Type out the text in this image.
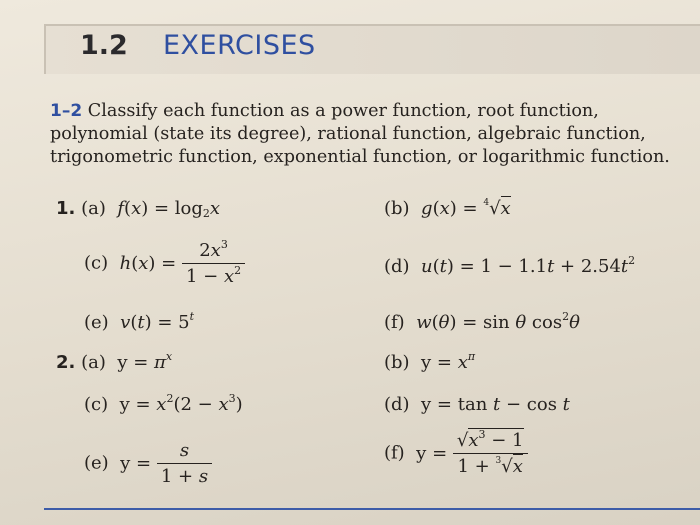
1.2 EXERCISES
1–2 Classify each function as a power function, root function, polynomial (state its degree), rational function, algebraic function, trigonometric function, exponential function, or logarithmic function.
1. (a) $f(x) = \log_2x$	(b) g(x) = $^4$√x
(c) $h(x) = \frac{2x^3}{1 - x^2}$	(d) $u(t) = 1 - 1.1t + 2.54t^2$
(e) $v(t) = 5^t$	(f) w(θ) = sin θ $\cos^2\theta$
2. (a)  $y = \pi^x$	(b)  $y = x^\pi$
(c)  $y = x^2(2 - x^3)$	(d)  y = tan t − cos t
(e)  $y = \frac{s}{1 + s}$	(f)  $y = \frac{√x^3 - 1}{1 + ^3√x}$
